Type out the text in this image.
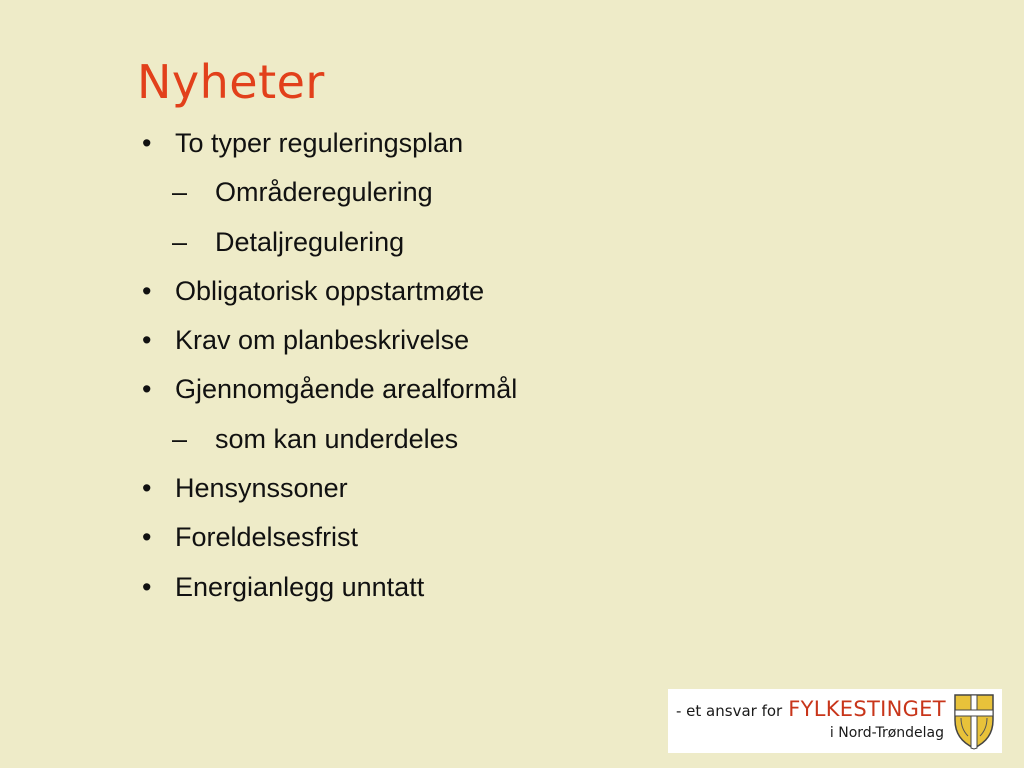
Nyheter
• To typer reguleringsplan
–	Områderegulering
–	Detaljregulering
• Obligatorisk oppstartmøte
• Krav om planbeskrivelse
• Gjennomgående arealformål
–	som kan underdeles
• Hensynssoner
• Foreldelsesfrist
• Energianlegg unntatt
- et ansvar for FYLKESTINGET
i Nord-Trøndelag
